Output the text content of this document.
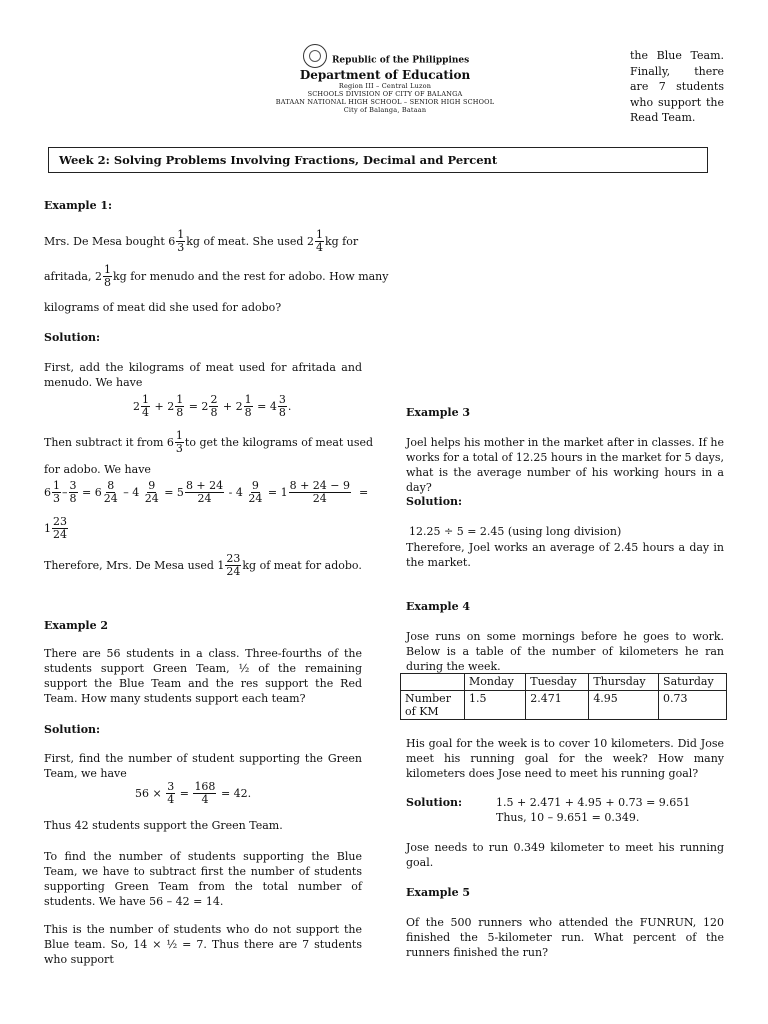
Republic of the Philippines
Department of Education
Region III – Central Luzon
SCHOOLS DIVISION OF CITY OF BALANGA
BATAAN NATIONAL HIGH SCHOOL – SENIOR HIGH SCHOOL
City of Balanga, Bataan
the Blue Team. Finally, there are 7 students who support the Read Team.
Week 2: Solving Problems Involving Fractions, Decimal and Percent
Example 1:
Mrs. De Mesa bought $6 \frac{1}{3}$ kg of meat. She used $2 \frac{1}{4}$ kg for
afritada, $2 \frac{1}{8}$ kg for menudo and the rest for adobo. How many
kilograms of meat did she used for adobo?
Solution:
First, add the kilograms of meat used for afritada and menudo. We have
$2 \frac{1}{4} + 2 \frac{1}{8} = 2 \frac{2}{8} + 2 \frac{1}{8} = 4 \frac{3}{8}$ .
Then subtract it from $6 \frac{1}{3}$ to get the kilograms of meat used
for adobo. We have
$6 \frac{1}{3} - \frac{3}{8} = 6 \frac{8}{24} - 4 \frac{9}{24} = 5 \frac{8 + 24}{24} - 4 \frac{9}{24} = 1 \frac{8 + 24 - 9}{24}$ =
$1 \frac{23}{24}$
Therefore, Mrs. De Mesa used $1 \frac{23}{24}$ kg of meat for adobo.
Example 2
There are 56 students in a class. Three-fourths of the students support Green Team, ½ of the remaining support the Blue Team and the res support the Red Team. How many students support each team?
Solution:
First, find the number of student supporting the Green Team, we have
56 ×
$\frac{3}{4} = \frac{168}{4}$
= 42.
Thus 42 students support the Green Team.
To find the number of students supporting the Blue Team, we have to subtract first the number of students supporting Green Team from the total number of students. We have 56 – 42 = 14.
This is the number of students who do not support the Blue team. So, 14 × ½ = 7. Thus there are 7 students who support
Example 3
Joel helps his mother in the market after in classes. If he works for a total of 12.25 hours in the market for 5 days, what is the average number of his working hours in a day?
Solution:
12.25 ÷ 5 = 2.45 (using long division)
Therefore, Joel works an average of 2.45 hours a day in the market.
Example 4
Jose runs on some mornings before he goes to work. Below is a table of the number of kilometers he ran during the week.
	Monday	Tuesday	Thursday	Saturday
Number of KM	1.5	2.471	4.95	0.73
His goal for the week is to cover 10 kilometers. Did Jose meet his running goal for the week? How many kilometers does Jose need to meet his running goal?
Solution:	1.5 + 2.471 + 4.95 + 0.73 = 9.651
Thus, 10 – 9.651 = 0.349.
Jose needs to run 0.349 kilometer to meet his running goal.
Example 5
Of the 500 runners who attended the FUNRUN, 120 finished the 5-kilometer run. What percent of the runners finished the run?
